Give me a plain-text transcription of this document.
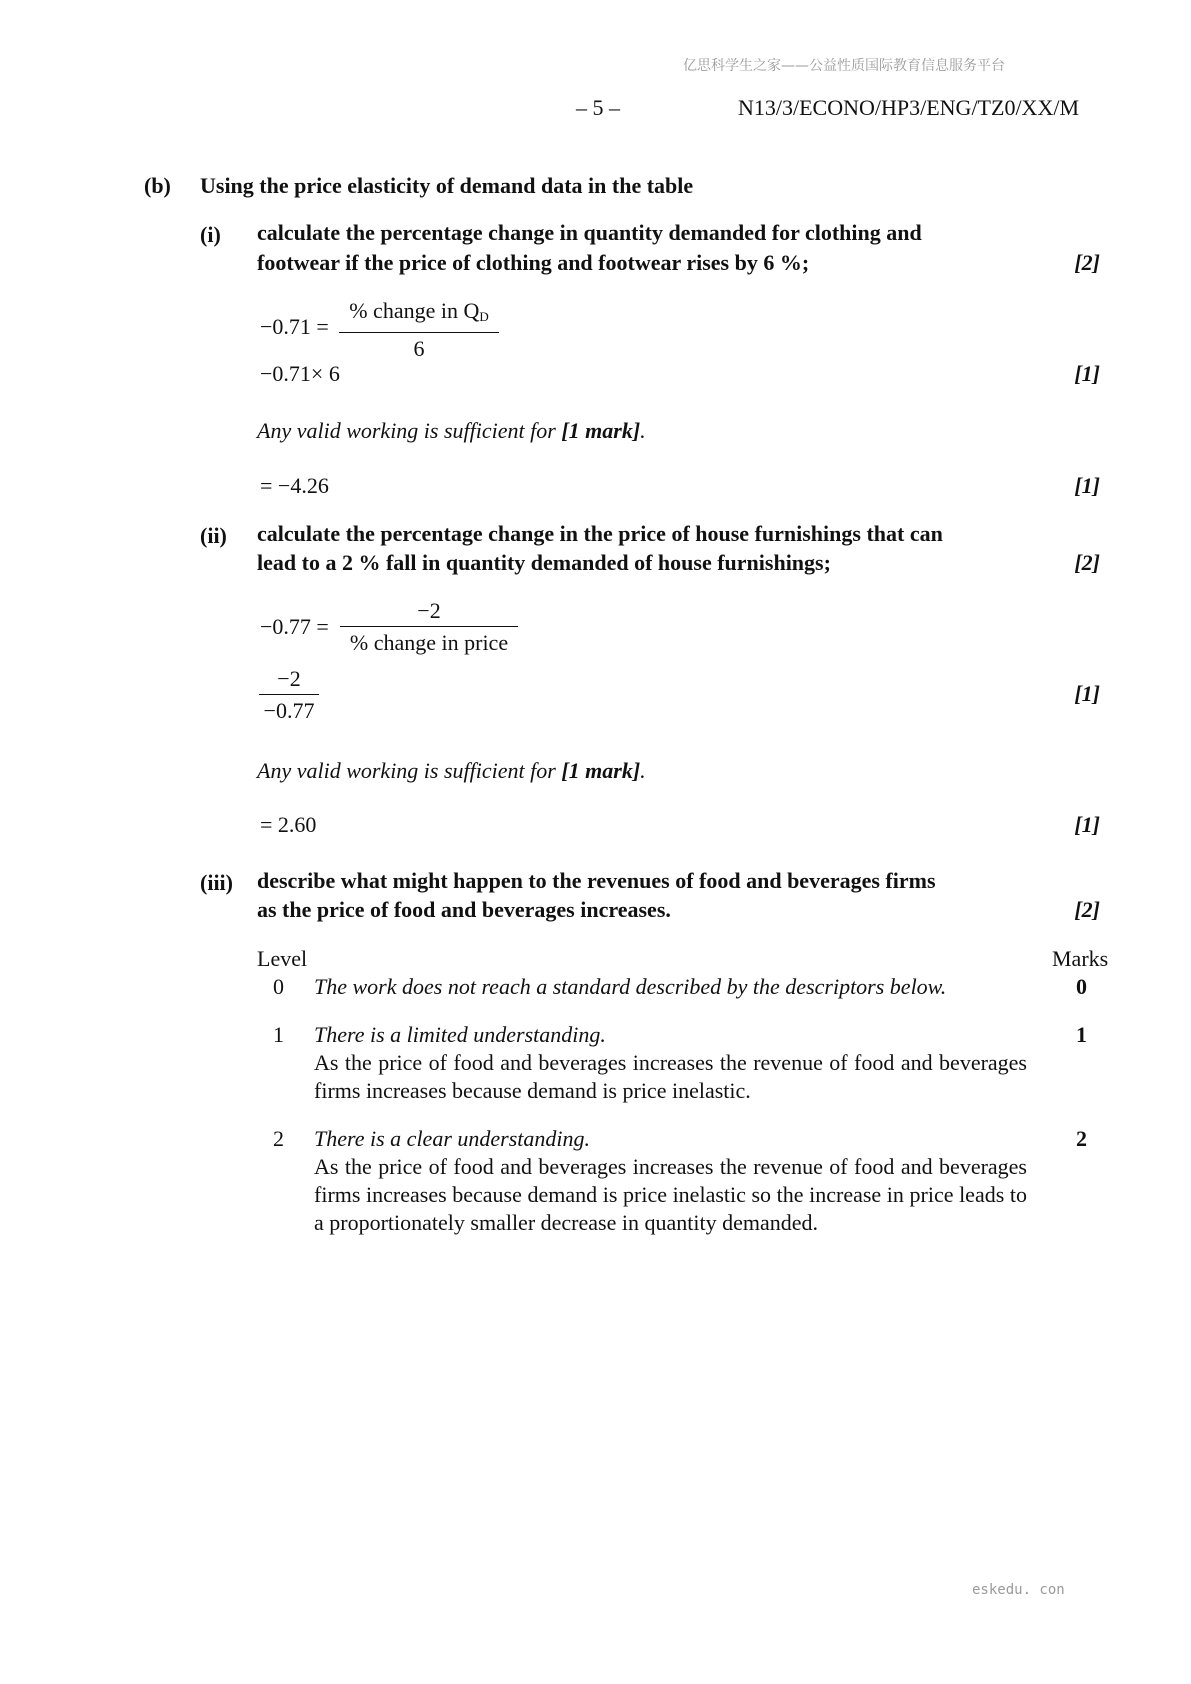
亿思科学生之家——公益性质国际教育信息服务平台
– 5 –	N13/3/ECONO/HP3/ENG/TZ0/XX/M
(b) Using the price elasticity of demand data in the table
(i) calculate the percentage change in quantity demanded for clothing and
footwear if the price of clothing and footwear rises by 6 %;	[2]
−0.71 =
% change in $Q_D$
6
−0.71× 6	[1]
Any valid working is sufficient for [1 mark].
= −4.26	[1]
(ii) calculate the percentage change in the price of house furnishings that can
lead to a 2 % fall in quantity demanded of house furnishings;	[2]
−0.77 =
−2
% change in price
−2
−0.77
[1]
Any valid working is sufficient for [1 mark].
= 2.60	[1]
(iii) describe what might happen to the revenues of food and beverages firms
as the price of food and beverages increases.	[2]
Level	Marks
0 The work does not reach a standard described by the descriptors below.	0
1 There is a limited understanding.
As the price of food and beverages increases the revenue of food and beverages firms increases because demand is price inelastic.
1
2 There is a clear understanding.
As the price of food and beverages increases the revenue of food and beverages firms increases because demand is price inelastic so the increase in price leads to a proportionately smaller decrease in quantity demanded.
2
eskedu. con
